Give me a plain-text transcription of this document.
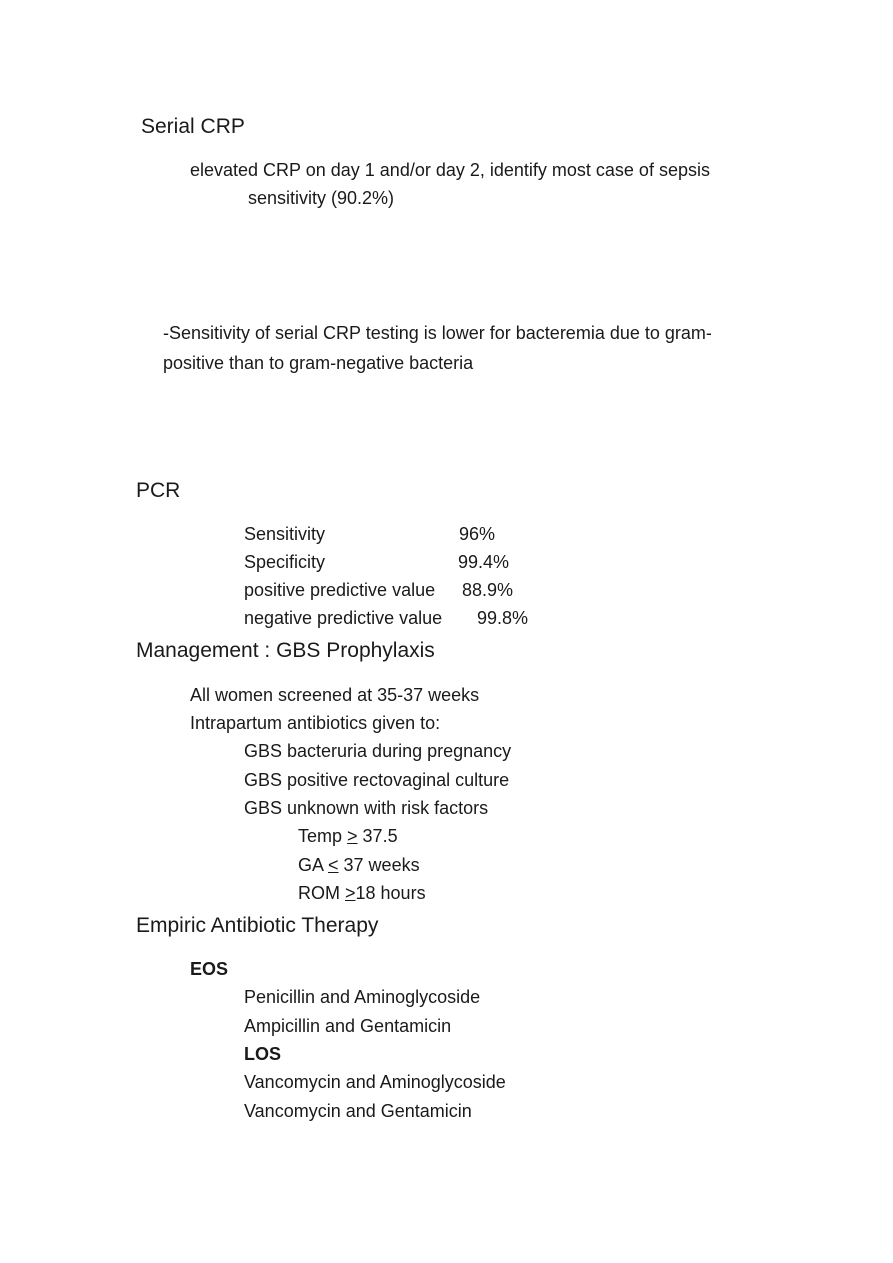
Serial CRP
elevated CRP on day 1 and/or day 2, identify most case of sepsis
sensitivity (90.2%)
-Sensitivity of serial CRP testing is lower for bacteremia due to gram-
positive than to gram-negative bacteria
PCR
Sensitivity	96%
Specificity	99.4%
positive predictive value 88.9%
negative predictive value 99.8%
Management : GBS Prophylaxis
All women screened at 35-37 weeks
Intrapartum antibiotics given to:
GBS bacteruria during pregnancy
GBS positive rectovaginal culture
GBS unknown with risk factors
Temp ≥ 37.5
GA ≤ 37 weeks
ROM ≥18 hours
Empiric Antibiotic Therapy
EOS
Penicillin and Aminoglycoside
Ampicillin and Gentamicin
LOS
Vancomycin and Aminoglycoside
Vancomycin and Gentamicin
